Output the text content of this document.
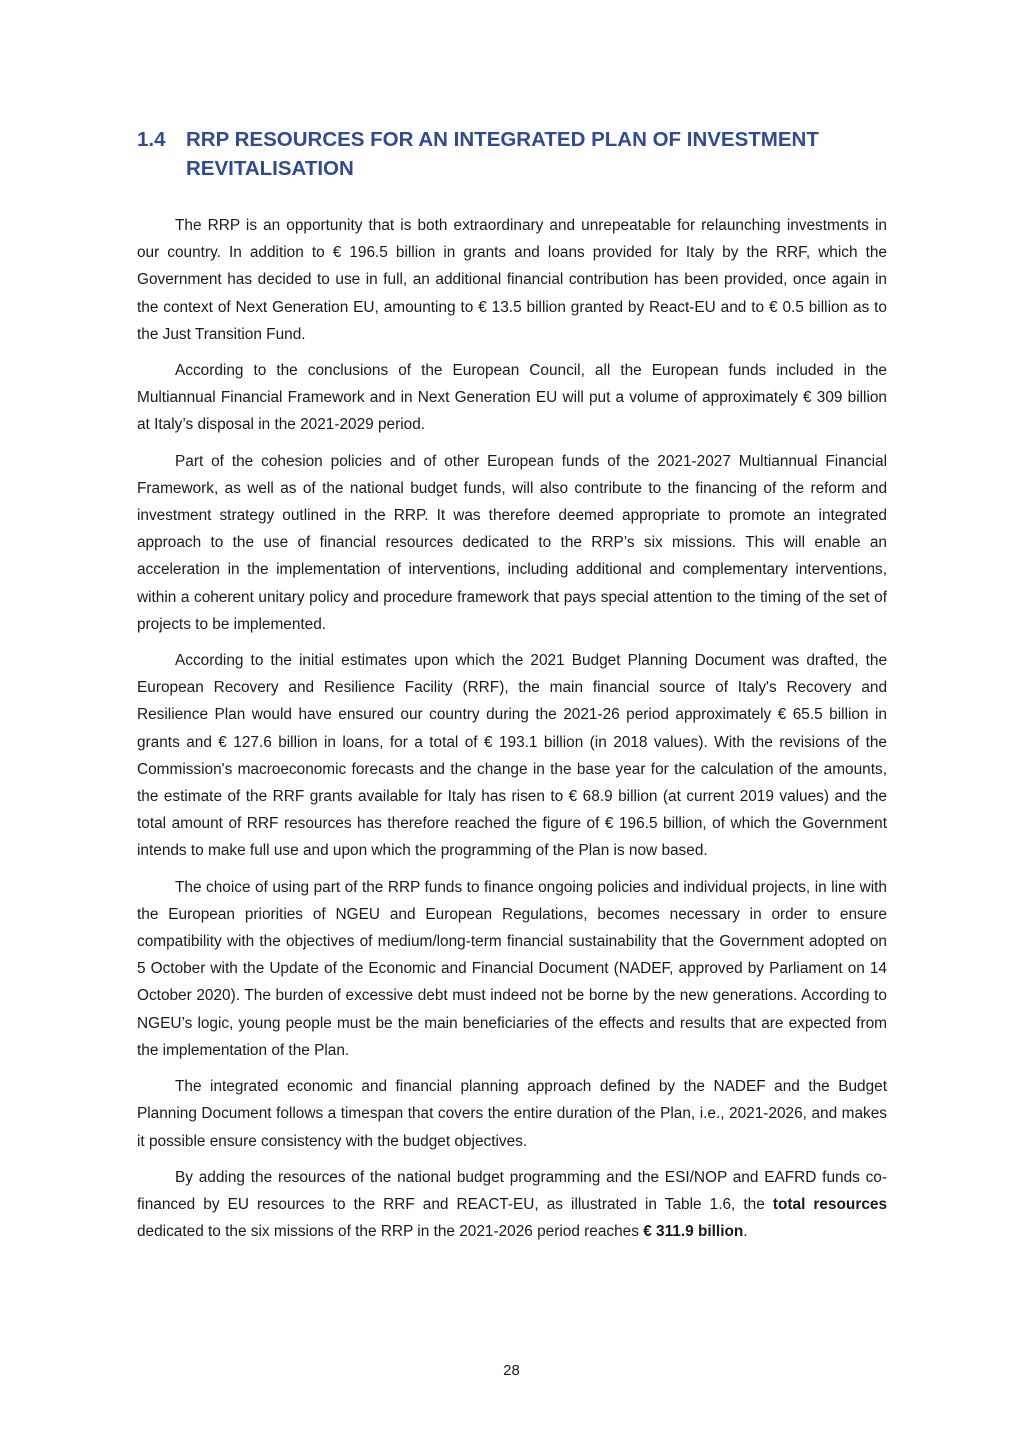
1.4	RRP RESOURCES FOR AN INTEGRATED PLAN OF INVESTMENT REVITALISATION

The RRP is an opportunity that is both extraordinary and unrepeatable for relaunching investments in our country. In addition to € 196.5 billion in grants and loans provided for Italy by the RRF, which the Government has decided to use in full, an additional financial contribution has been provided, once again in the context of Next Generation EU, amounting to € 13.5 billion granted by React-EU and to € 0.5 billion as to the Just Transition Fund.

According to the conclusions of the European Council, all the European funds included in the Multiannual Financial Framework and in Next Generation EU will put a volume of approximately € 309 billion at Italy’s disposal in the 2021-2029 period.

Part of the cohesion policies and of other European funds of the 2021-2027 Multiannual Financial Framework, as well as of the national budget funds, will also contribute to the financing of the reform and investment strategy outlined in the RRP. It was therefore deemed appropriate to promote an integrated approach to the use of financial resources dedicated to the RRP’s six missions. This will enable an acceleration in the implementation of interventions, including additional and complementary interventions, within a coherent unitary policy and procedure framework that pays special attention to the timing of the set of projects to be implemented.

According to the initial estimates upon which the 2021 Budget Planning Document was drafted, the European Recovery and Resilience Facility (RRF), the main financial source of Italy's Recovery and Resilience Plan would have ensured our country during the 2021-26 period approximately € 65.5 billion in grants and € 127.6 billion in loans, for a total of € 193.1 billion (in 2018 values). With the revisions of the Commission's macroeconomic forecasts and the change in the base year for the calculation of the amounts, the estimate of the RRF grants available for Italy has risen to € 68.9 billion (at current 2019 values) and the total amount of RRF resources has therefore reached the figure of € 196.5 billion, of which the Government intends to make full use and upon which the programming of the Plan is now based.

The choice of using part of the RRP funds to finance ongoing policies and individual projects, in line with the European priorities of NGEU and European Regulations, becomes necessary in order to ensure compatibility with the objectives of medium/long-term financial sustainability that the Government adopted on 5 October with the Update of the Economic and Financial Document (NADEF, approved by Parliament on 14 October 2020). The burden of excessive debt must indeed not be borne by the new generations. According to NGEU’s logic, young people must be the main beneficiaries of the effects and results that are expected from the implementation of the Plan.

The integrated economic and financial planning approach defined by the NADEF and the Budget Planning Document follows a timespan that covers the entire duration of the Plan, i.e., 2021-2026, and makes it possible ensure consistency with the budget objectives.

By adding the resources of the national budget programming and the ESI/NOP and EAFRD funds co-financed by EU resources to the RRF and REACT-EU, as illustrated in Table 1.6, the total resources dedicated to the six missions of the RRP in the 2021-2026 period reaches € 311.9 billion.

28
